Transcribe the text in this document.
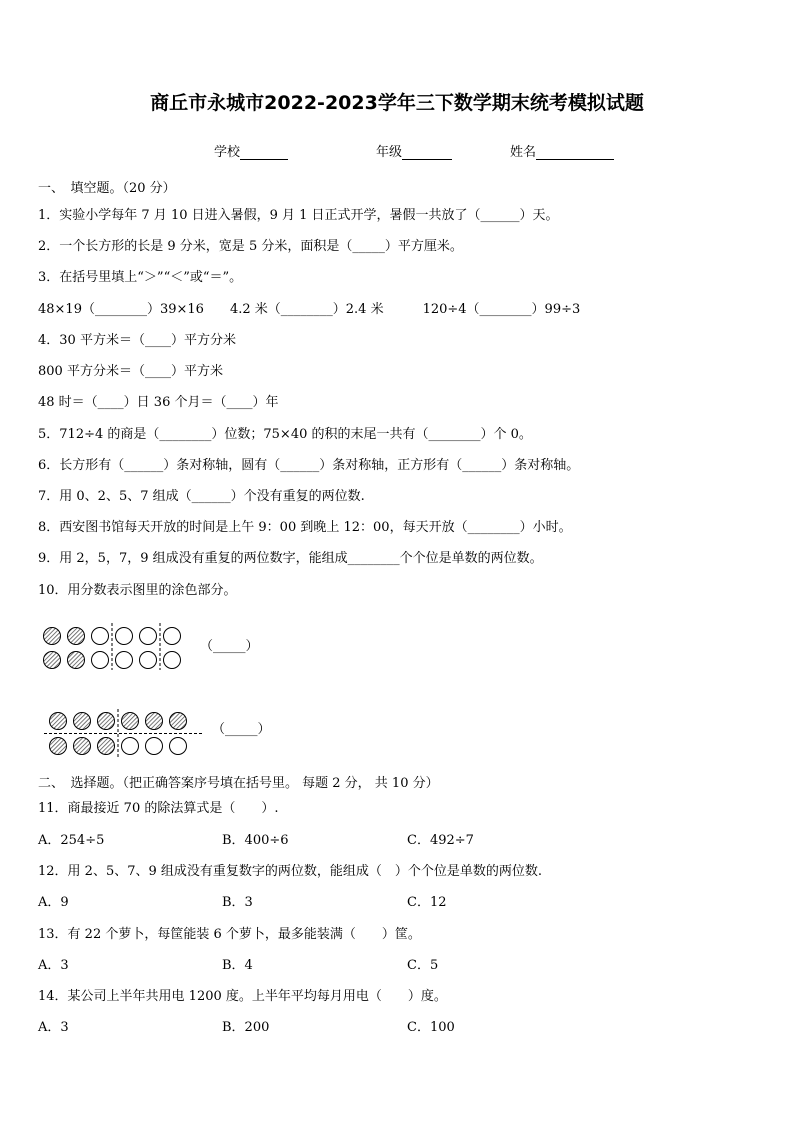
商丘市永城市2022-2023学年三下数学期末统考模拟试题
学校	年级	姓名
一、　填空题。（20 分）
1．实验小学每年 7 月 10 日进入暑假，9 月 1 日正式开学，暑假一共放了（______）天。
2．一个长方形的长是 9 分米，宽是 5 分米，面积是（_____）平方厘米。
3．在括号里填上“＞”“＜”或“＝”。
48×19（________）39×16　　4.2 米（________）2.4 米　　　120÷4（________）99÷3
4．30 平方米＝（____）平方分米
800 平方分米＝（____）平方米
48 时＝（____）日 36 个月＝（____）年
5．712÷4 的商是（________）位数；75×40 的积的末尾一共有（________）个 0。
6．长方形有（______）条对称轴，圆有（______）条对称轴，正方形有（______）条对称轴。
7．用 0、2、5、7 组成（______）个没有重复的两位数.
8．西安图书馆每天开放的时间是上午 9：00 到晚上 12：00，每天开放（________）小时。
9．用 2，5，7，9 组成没有重复的两位数字，能组成________个个位是单数的两位数。
10．用分数表示图里的涂色部分。
（_____）
（_____）
二、　选择题。（把正确答案序号填在括号里。 每题 2 分， 共 10 分）
11．商最接近 70 的除法算式是（　　）.
A．254÷5	B．400÷6	C．492÷7
12．用 2、5、7、9 组成没有重复数字的两位数，能组成（　）个个位是单数的两位数.
A．9	B．3	C．12
13．有 22 个萝卜，每筐能装 6 个萝卜，最多能装满（　　）筐。
A．3	B．4	C．5
14．某公司上半年共用电 1200 度。上半年平均每月用电（　　）度。
A．3	B．200	C．100
